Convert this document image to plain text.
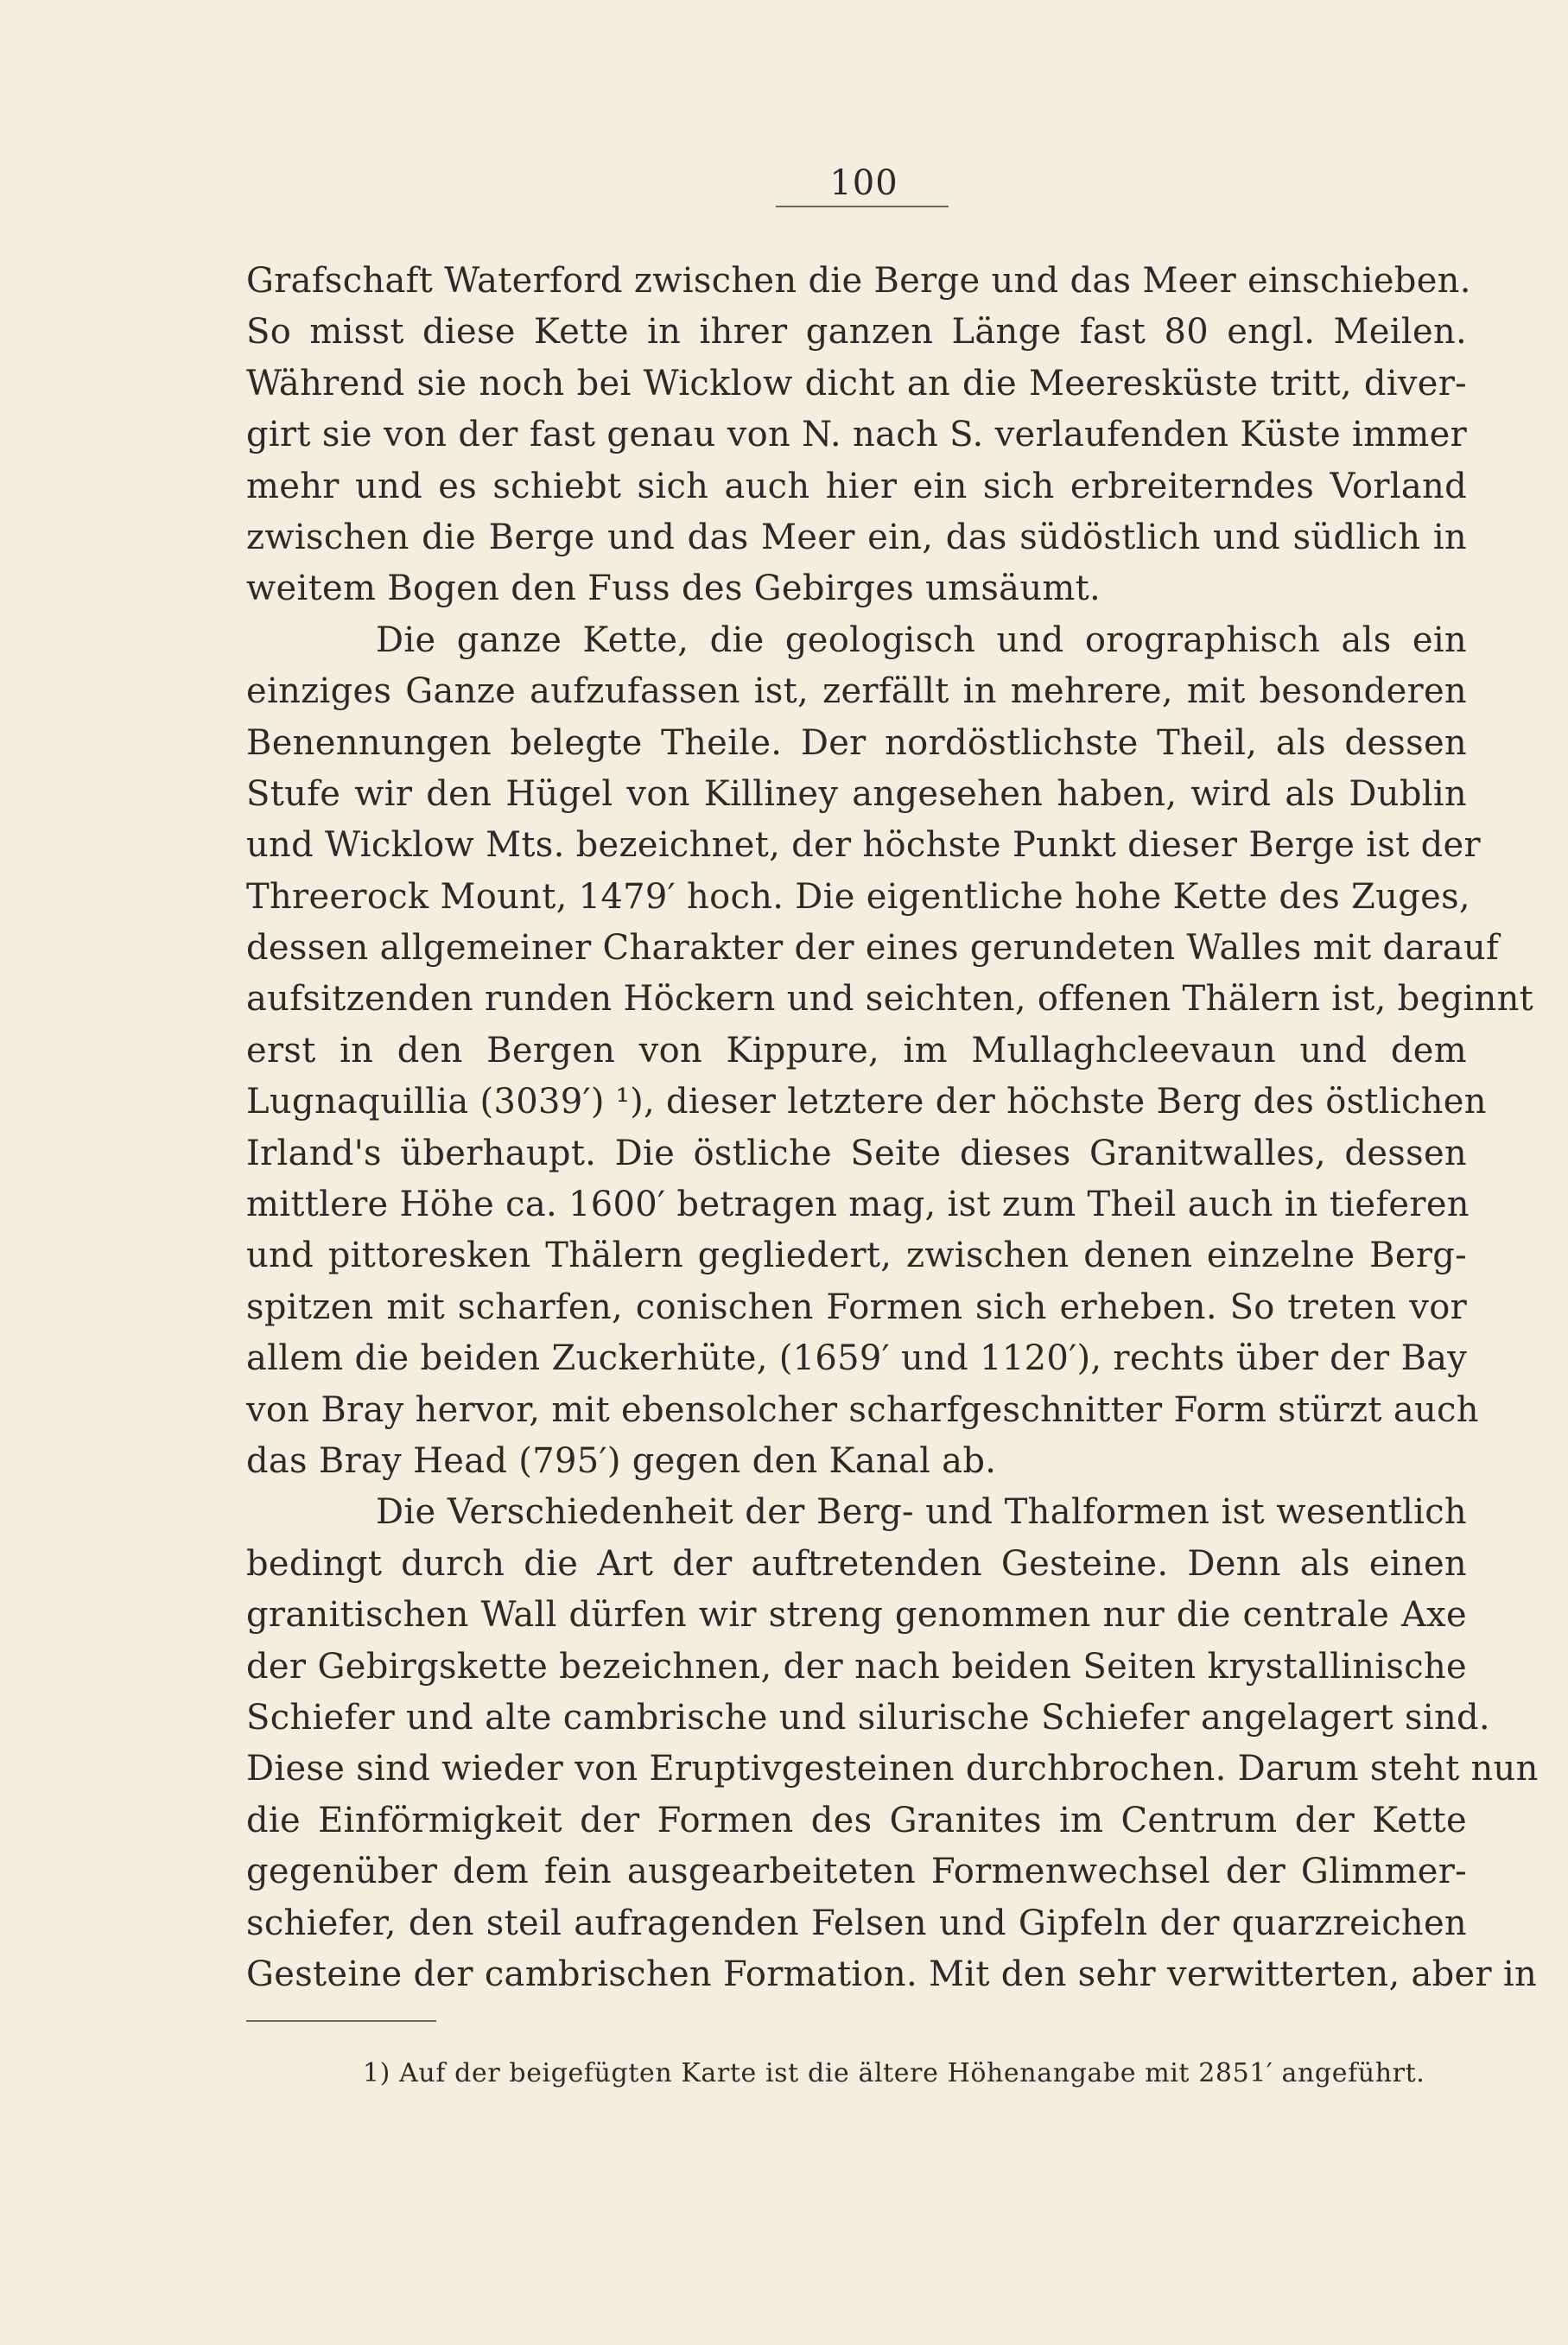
100
Grafschaft Waterford zwischen die Berge und das Meer einschieben.
So misst diese Kette in ihrer ganzen Länge fast 80 engl. Meilen.
Während sie noch bei Wicklow dicht an die Meeresküste tritt, diver-
girt sie von der fast genau von N. nach S. verlaufenden Küste immer
mehr und es schiebt sich auch hier ein sich erbreiterndes Vorland
zwischen die Berge und das Meer ein, das südöstlich und südlich in
weitem Bogen den Fuss des Gebirges umsäumt.
Die ganze Kette, die geologisch und orographisch als ein
einziges Ganze aufzufassen ist, zerfällt in mehrere, mit besonderen
Benennungen belegte Theile. Der nordöstlichste Theil, als dessen
Stufe wir den Hügel von Killiney angesehen haben, wird als Dublin
und Wicklow Mts. bezeichnet, der höchste Punkt dieser Berge ist der
Threerock Mount, 1479′ hoch. Die eigentliche hohe Kette des Zuges,
dessen allgemeiner Charakter der eines gerundeten Walles mit darauf
aufsitzenden runden Höckern und seichten, offenen Thälern ist, beginnt
erst in den Bergen von Kippure, im Mullaghcleevaun und dem
Lugnaquillia (3039′) ¹), dieser letztere der höchste Berg des östlichen
Irland's überhaupt. Die östliche Seite dieses Granitwalles, dessen
mittlere Höhe ca. 1600′ betragen mag, ist zum Theil auch in tieferen
und pittoresken Thälern gegliedert, zwischen denen einzelne Berg-
spitzen mit scharfen, conischen Formen sich erheben. So treten vor
allem die beiden Zuckerhüte, (1659′ und 1120′), rechts über der Bay
von Bray hervor, mit ebensolcher scharfgeschnitter Form stürzt auch
das Bray Head (795′) gegen den Kanal ab.
Die Verschiedenheit der Berg- und Thalformen ist wesentlich
bedingt durch die Art der auftretenden Gesteine. Denn als einen
granitischen Wall dürfen wir streng genommen nur die centrale Axe
der Gebirgskette bezeichnen, der nach beiden Seiten krystallinische
Schiefer und alte cambrische und silurische Schiefer angelagert sind.
Diese sind wieder von Eruptivgesteinen durchbrochen. Darum steht nun
die Einförmigkeit der Formen des Granites im Centrum der Kette
gegenüber dem fein ausgearbeiteten Formenwechsel der Glimmer-
schiefer, den steil aufragenden Felsen und Gipfeln der quarzreichen
Gesteine der cambrischen Formation. Mit den sehr verwitterten, aber in
1) Auf der beigefügten Karte ist die ältere Höhenangabe mit 2851′ angeführt.
